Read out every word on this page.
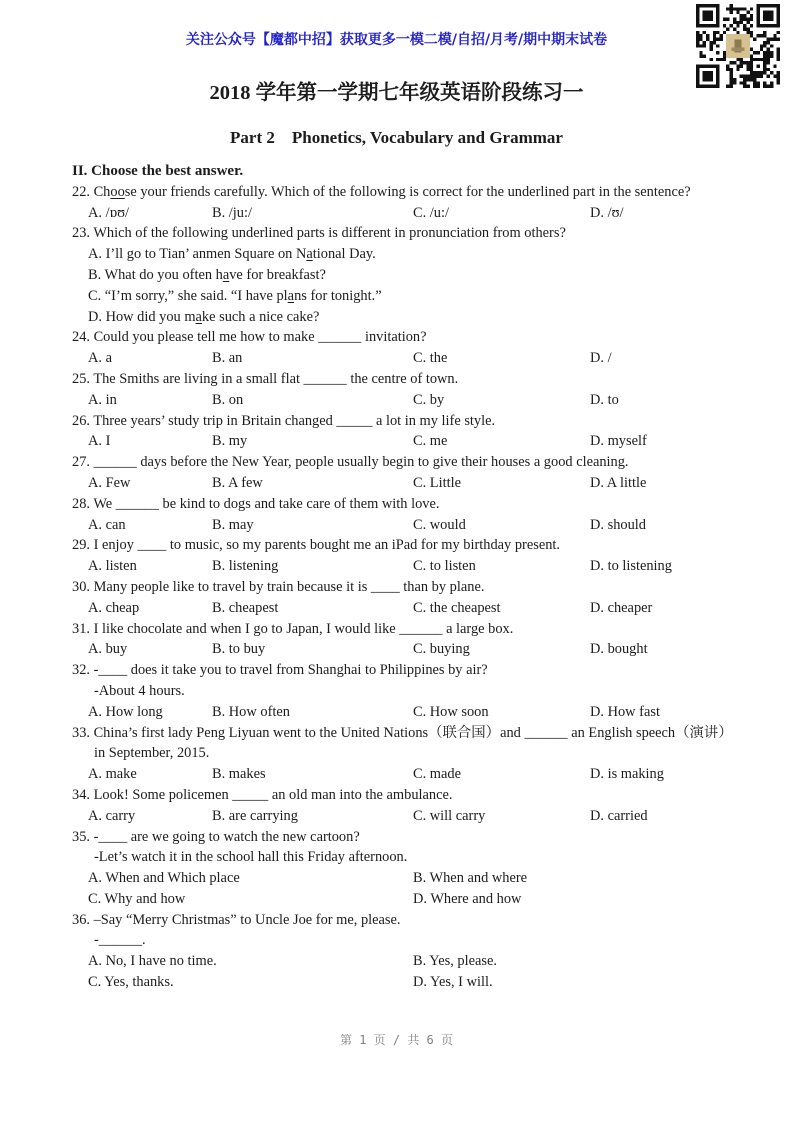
关注公众号【魔都中招】获取更多一模二模/自招/月考/期中期末试卷
2018 学年第一学期七年级英语阶段练习一
Part 2    Phonetics, Vocabulary and Grammar
II. Choose the best answer.
22. Choose your friends carefully. Which of the following is correct for the underlined part in the sentence?
A. /ɒʊ/	B. /ju:/	C. /u:/	D. /ʊ/
23. Which of the following underlined parts is different in pronunciation from others?
A. I’ll go to Tian’ anmen Square on National Day.
B. What do you often have for breakfast?
C. “I’m sorry,” she said. “I have plans for tonight.”
D. How did you make such a nice cake?
24. Could you please tell me how to make ______ invitation?
A. a	B. an	C. the	D. /
25. The Smiths are living in a small flat ______ the centre of town.
A. in	B. on	C. by	D. to
26. Three years’ study trip in Britain changed _____ a lot in my life style.
A. I	B. my	C. me	D. myself
27. ______ days before the New Year, people usually begin to give their houses a good cleaning.
A. Few	B. A few	C. Little	D. A little
28. We ______ be kind to dogs and take care of them with love.
A. can	B. may	C. would	D. should
29. I enjoy ____ to music, so my parents bought me an iPad for my birthday present.
A. listen	B. listening	C. to listen	D. to listening
30. Many people like to travel by train because it is ____ than by plane.
A. cheap	B. cheapest	C. the cheapest	D. cheaper
31. I like chocolate and when I go to Japan, I would like ______ a large box.
A. buy	B. to buy	C. buying	D. bought
32. -____ does it take you to travel from Shanghai to Philippines by air?
-About 4 hours.
A. How long	B. How often	C. How soon	D. How fast
33. China’s first lady Peng Liyuan went to the United Nations（联合国）and ______ an English speech（演讲）
in September, 2015.
A. make	B. makes	C. made	D. is making
34. Look! Some policemen _____ an old man into the ambulance.
A. carry	B. are carrying	C. will carry	D. carried
35. -____ are we going to watch the new cartoon?
-Let’s watch it in the school hall this Friday afternoon.
A. When and Which place	B. When and where
C. Why and how	D. Where and how
36. –Say “Merry Christmas” to Uncle Joe for me, please.
-______.
A. No, I have no time.	B. Yes, please.
C. Yes, thanks.	D. Yes, I will.
第 1 页 / 共 6 页
